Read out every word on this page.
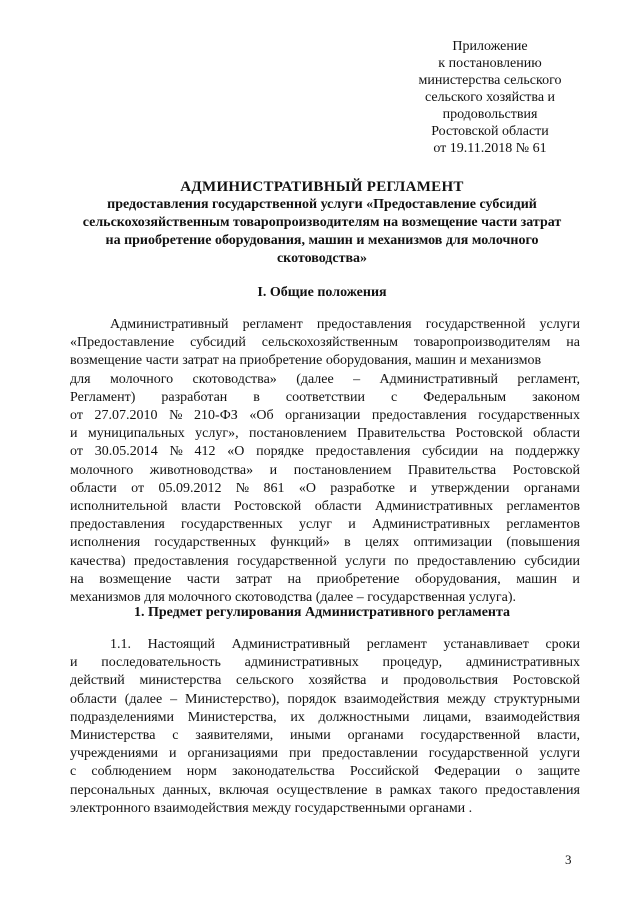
Приложение
к постановлению
министерства сельского
сельского хозяйства и
продовольствия
Ростовской области
от 19.11.2018 № 61
АДМИНИСТРАТИВНЫЙ РЕГЛАМЕНТ
предоставления государственной услуги «Предоставление субсидий
сельскохозяйственным товаропроизводителям на возмещение части затрат
на приобретение оборудования, машин и механизмов для молочного
скотоводства»
I. Общие положения
Административный регламент предоставления государственной услуги
«Предоставление субсидий сельскохозяйственным товаропроизводителям на
возмещение части затрат на приобретение оборудования, машин и механизмов
для молочного скотоводства» (далее – Административный регламент,
Регламент) разработан в соответствии с Федеральным законом
от 27.07.2010 № 210-ФЗ «Об организации предоставления государственных
и муниципальных услуг», постановлением Правительства Ростовской области
от 30.05.2014 № 412 «О порядке предоставления субсидии на поддержку
молочного животноводства» и постановлением Правительства Ростовской
области от 05.09.2012 № 861 «О разработке и утверждении органами
исполнительной власти Ростовской области Административных регламентов
предоставления государственных услуг и Административных регламентов
исполнения государственных функций» в целях оптимизации (повышения
качества) предоставления государственной услуги по предоставлению субсидии
на возмещение части затрат на приобретение оборудования, машин и
механизмов для молочного скотоводства (далее – государственная услуга).
1. Предмет регулирования Административного регламента
1.1. Настоящий Административный регламент устанавливает сроки
и последовательность административных процедур, административных
действий министерства сельского хозяйства и продовольствия Ростовской
области (далее – Министерство), порядок взаимодействия между структурными
подразделениями Министерства, их должностными лицами, взаимодействия
Министерства с заявителями, иными органами государственной власти,
учреждениями и организациями при предоставлении государственной услуги
с соблюдением норм законодательства Российской Федерации о защите
персональных данных, включая осуществление в рамках такого предоставления
электронного взаимодействия между государственными органами .
3
